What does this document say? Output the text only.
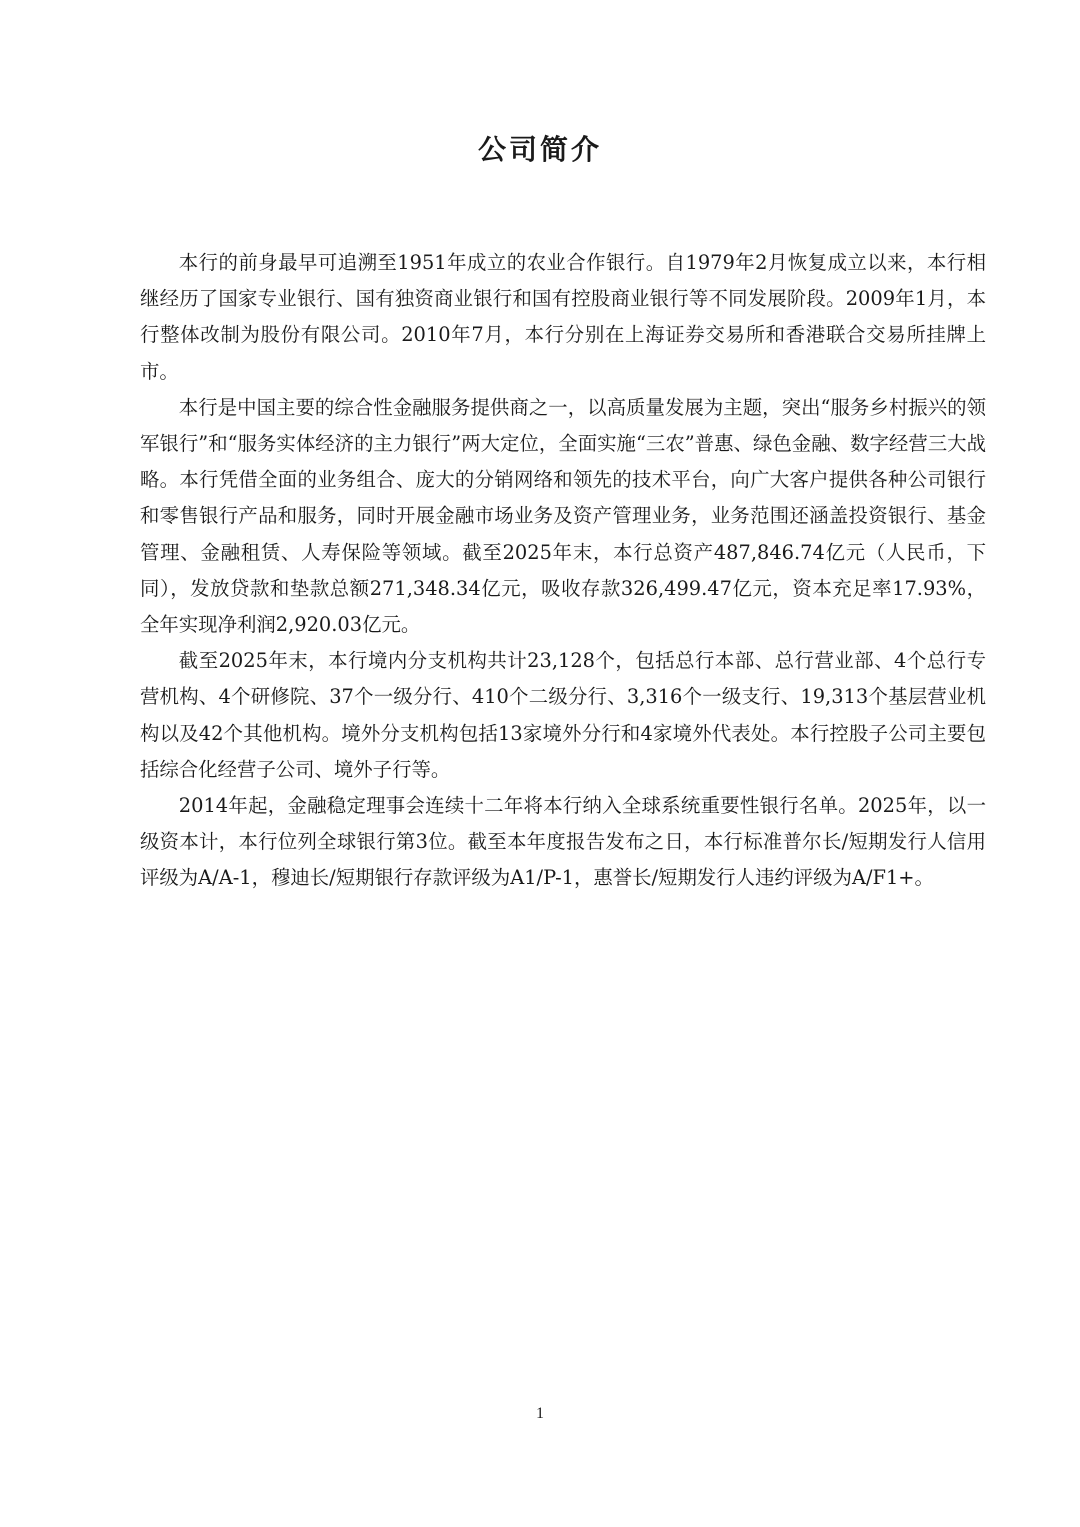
公司简介

本行的前身最早可追溯至1951年成立的农业合作银行。自1979年2月恢复成立以来，本行相继经历了国家专业银行、国有独资商业银行和国有控股商业银行等不同发展阶段。2009年1月，本行整体改制为股份有限公司。2010年7月，本行分别在上海证券交易所和香港联合交易所挂牌上市。

本行是中国主要的综合性金融服务提供商之一，以高质量发展为主题，突出“服务乡村振兴的领军银行”和“服务实体经济的主力银行”两大定位，全面实施“三农”普惠、绿色金融、数字经营三大战略。本行凭借全面的业务组合、庞大的分销网络和领先的技术平台，向广大客户提供各种公司银行和零售银行产品和服务，同时开展金融市场业务及资产管理业务，业务范围还涵盖投资银行、基金管理、金融租赁、人寿保险等领域。截至2025年末，本行总资产487,846.74亿元（人民币，下同），发放贷款和垫款总额271,348.34亿元，吸收存款326,499.47亿元，资本充足率17.93%，全年实现净利润2,920.03亿元。

截至2025年末，本行境内分支机构共计23,128个，包括总行本部、总行营业部、4个总行专营机构、4个研修院、37个一级分行、410个二级分行、3,316个一级支行、19,313个基层营业机构以及42个其他机构。境外分支机构包括13家境外分行和4家境外代表处。本行控股子公司主要包括综合化经营子公司、境外子行等。

2014年起，金融稳定理事会连续十二年将本行纳入全球系统重要性银行名单。2025年，以一级资本计，本行位列全球银行第3位。截至本年度报告发布之日，本行标准普尔长/短期发行人信用评级为A/A-1，穆迪长/短期银行存款评级为A1/P-1，惠誉长/短期发行人违约评级为A/F1+。

1
